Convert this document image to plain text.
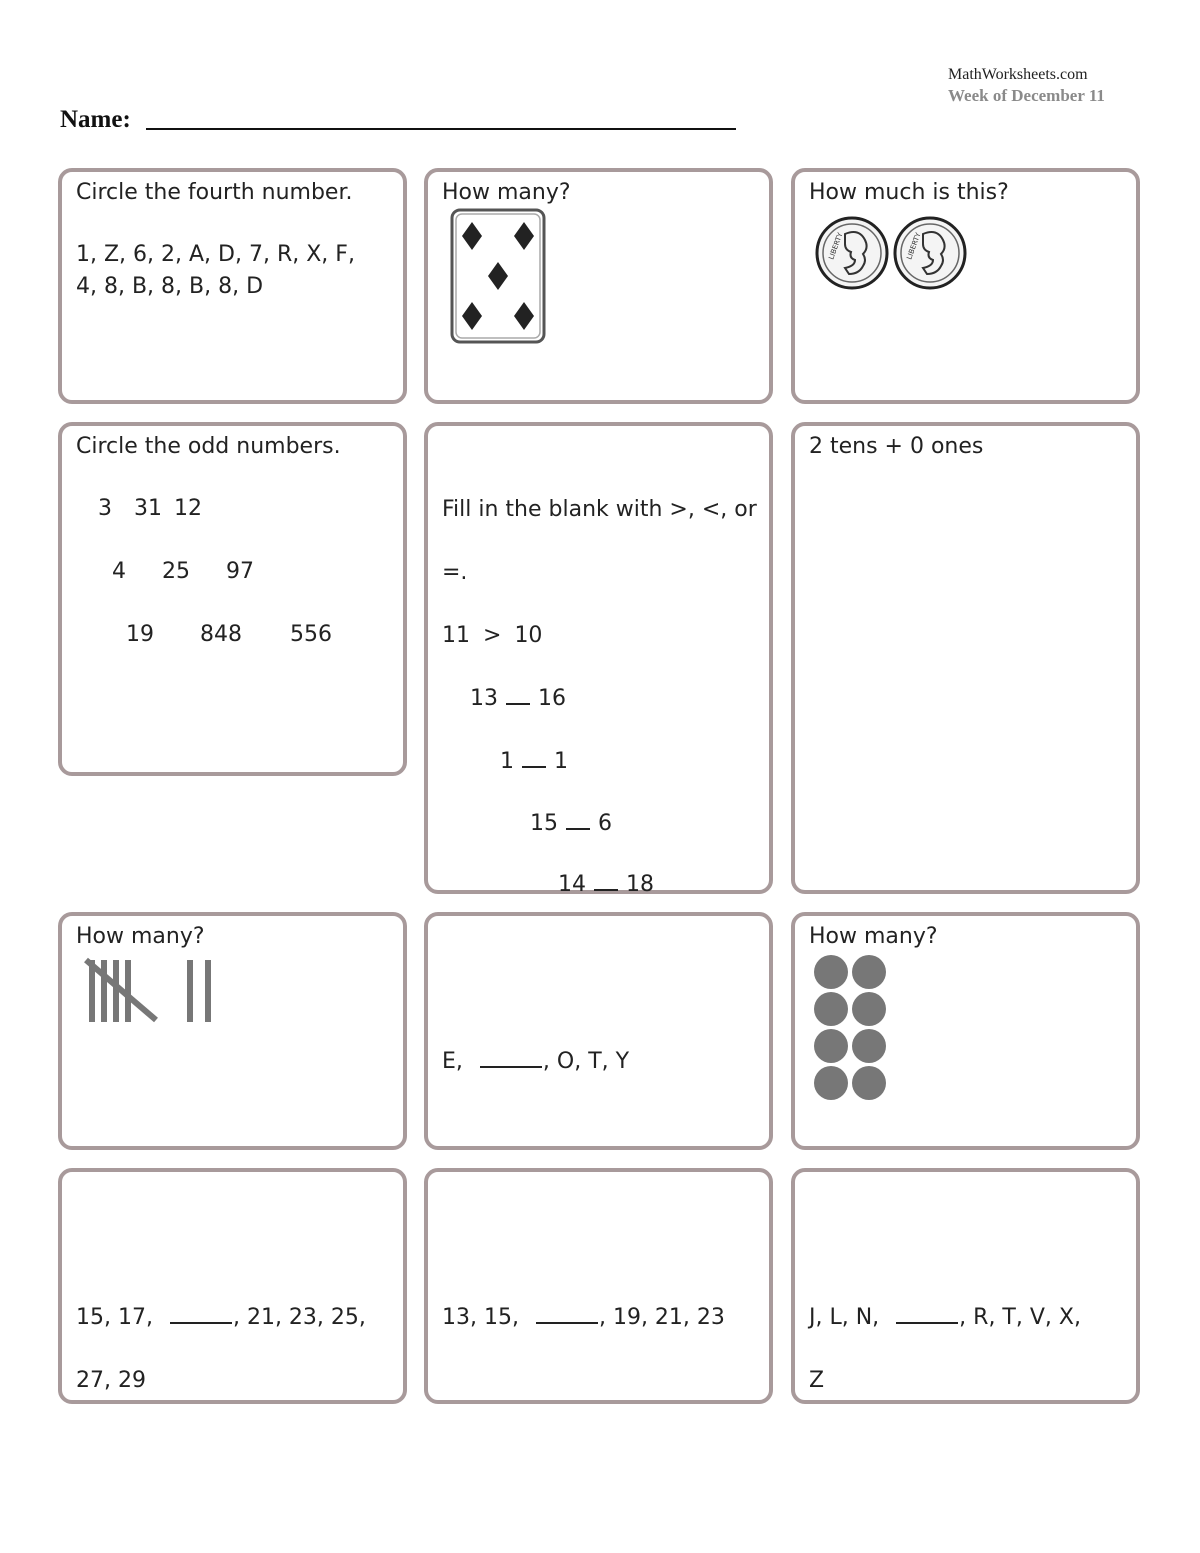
MathWorksheets.com
Week of December 11
Name:
Circle the fourth number.
1, Z, 6, 2, A, D, 7, R, X, F,
4, 8, B, 8, B, 8, D
How many?	How much is this?
LIBERTY	LIBERTY
Circle the odd numbers.
3 31 12
4 25 97
19 848 556
Fill in the blank with >, <, or
=.
11 > 10
13 16
1 1
15 6
14 18
2 tens + 0 ones
How many?
E,	, O, T, Y
How many?
15, 17,	, 21, 23, 25,
27, 29
13, 15,	, 19, 21, 23	J, L, N,	, R, T, V, X,
Z
